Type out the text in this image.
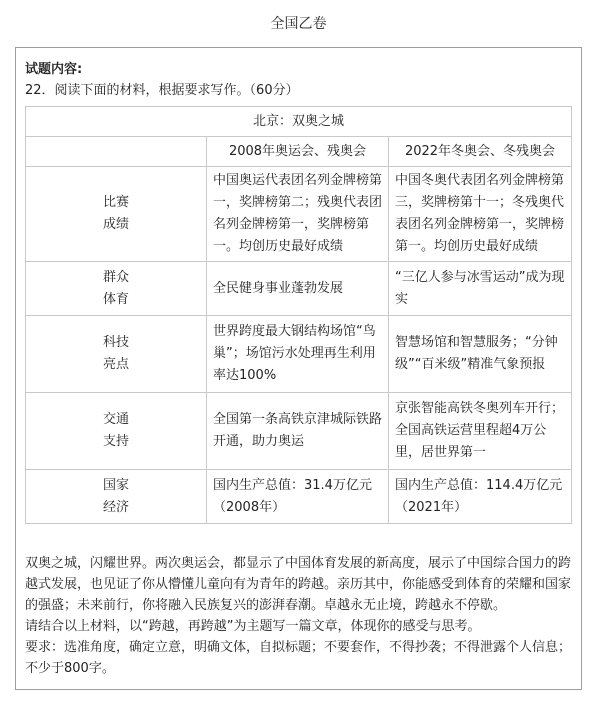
全国乙卷
试题内容:
22．阅读下面的材料，根据要求写作。（60分）
北京：双奥之城		
	2008年奥运会、残奥会	2022年冬奥会、冬残奥会

比赛
成绩	中国奥运代表团名列金牌榜第一，奖牌榜第二；残奥代表团名列金牌榜第一，奖牌榜第一。均创历史最好成绩	中国冬奥代表团名列金牌榜第三，奖牌榜第十一；冬残奥代表团名列金牌榜第一，奖牌榜第一。均创历史最好成绩

群众
体育	全民健身事业蓬勃发展	“三亿人参与冰雪运动”成为现实

科技
亮点	世界跨度最大钢结构场馆“鸟巢”；场馆污水处理再生利用率达100%	智慧场馆和智慧服务；“分钟级”“百米级”精准气象预报

交通
支持	全国第一条高铁京津城际铁路开通，助力奥运	京张智能高铁冬奥列车开行；全国高铁运营里程超4万公里，居世界第一

国家
经济	国内生产总值：31.4万亿元（2008年）	国内生产总值：114.4万亿元（2021年）

双奥之城，闪耀世界。两次奥运会，都显示了中国体育发展的新高度，展示了中国综合国力的跨越式发展，也见证了你从懵懂儿童向有为青年的跨越。亲历其中，你能感受到体育的荣耀和国家的强盛；未来前行，你将融入民族复兴的澎湃春潮。卓越永无止境，跨越永不停歇。

请结合以上材料，以“跨越，再跨越”为主题写一篇文章，体现你的感受与思考。

要求：选准角度，确定立意，明确文体，自拟标题；不要套作，不得抄袭；不得泄露个人信息；不少于800字。
